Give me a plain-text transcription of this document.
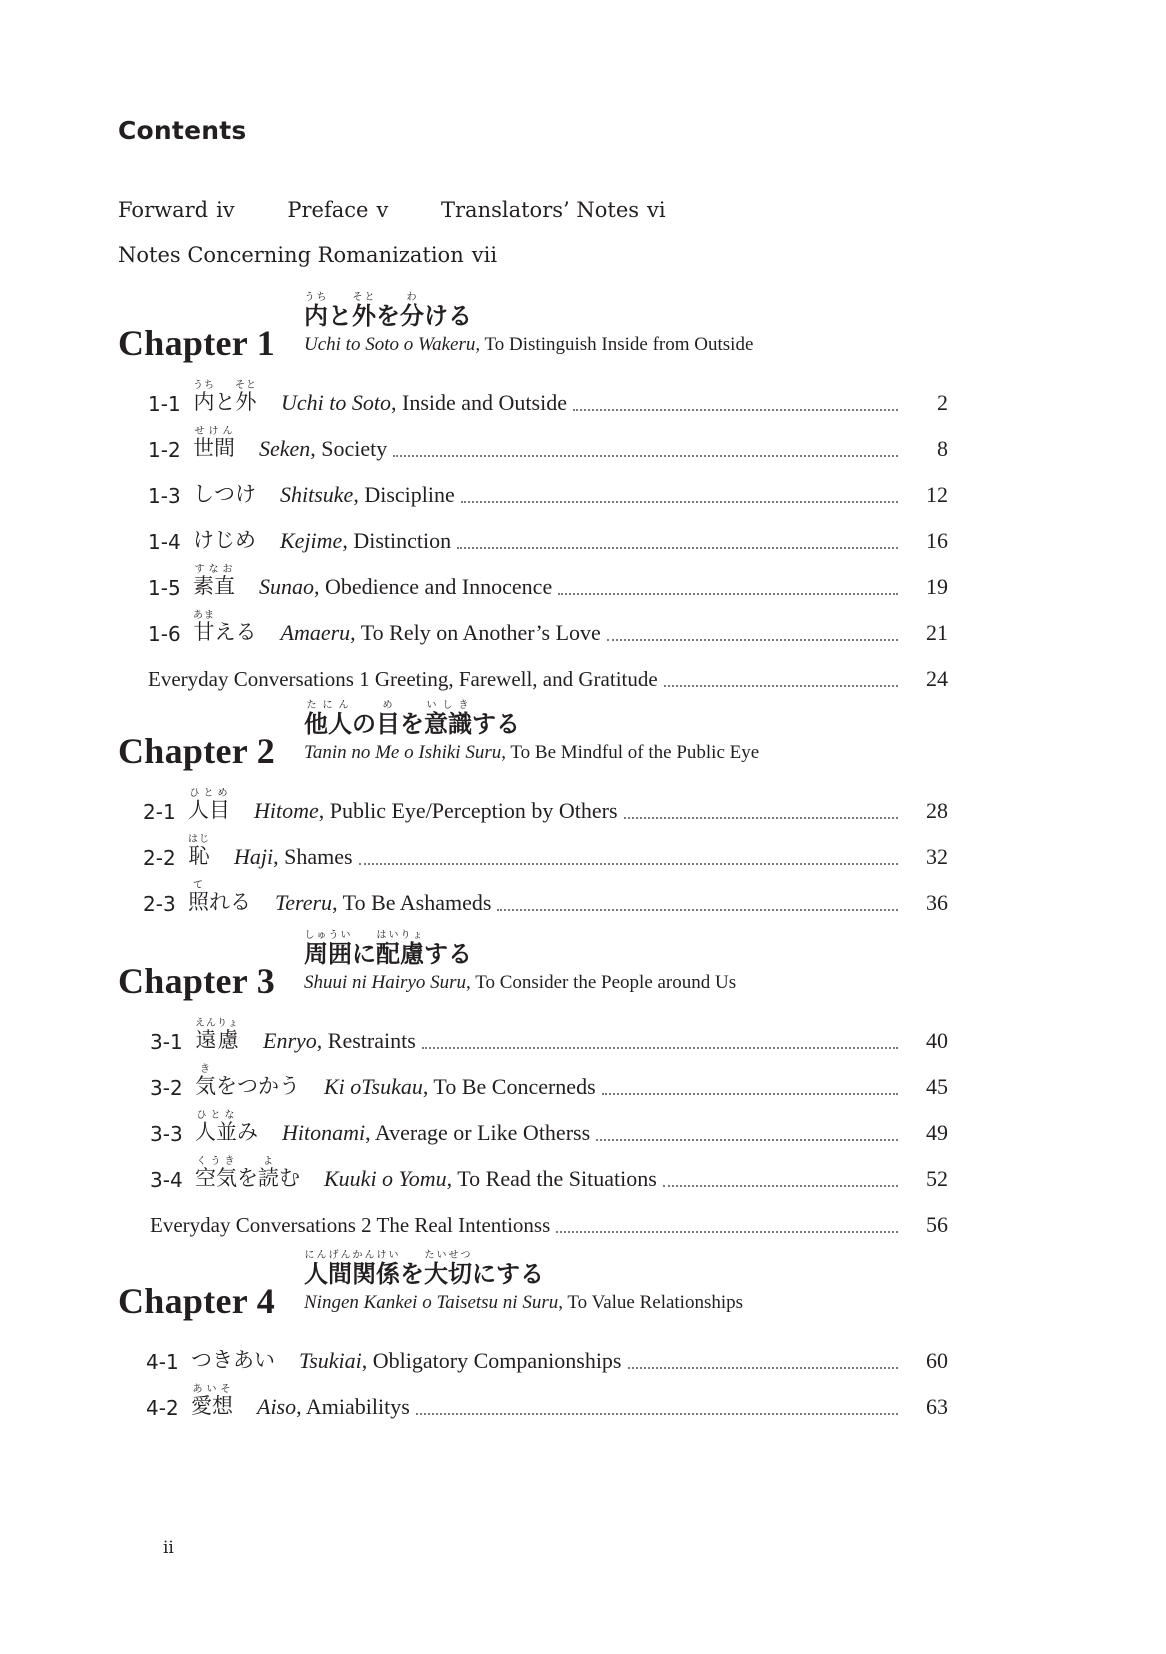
Contents
Forward iv	Preface v	Translators’ Notes vi
Notes Concerning Romanization vii
Chapter 1
内うちと外そとを分わける
Uchi to Soto o Wakeru, To Distinguish Inside from Outside
1-1 内うちと外そと
Uchi to Soto, Inside and Outside	2
1-2 世間せけん
Seken, Society	8
1-3 しつけ Shitsuke, Discipline	12
1-4 けじめ Kejime, Distinction	16
1-5 素直すなお
Sunao, Obedience and Innocence	19
1-6 甘あまえる Amaeru, To Rely on Another’s Love	21
Everyday Conversations 1 Greeting, Farewell, and Gratitude	24
Chapter 2
他人たにんの目めを意識いしきする
Tanin no Me o Ishiki Suru, To Be Mindful of the Public Eye
2-1 人目ひとめ
Hitome, Public Eye/Perception by Others	28
2-2 恥はじ
Haji, Shames	32
2-3 照てれる Tereru, To Be Ashameds	36
Chapter 3
周囲しゅういに配慮はいりょする
Shuui ni Hairyo Suru, To Consider the People around Us
3-1 遠慮えんりょ
Enryo, Restraints	40
3-2 気きをつかう Ki oTsukau, To Be Concerneds	45
3-3 人並ひとなみ Hitonami, Average or Like Otherss	49
3-4 空気くうきを読よむ Kuuki o Yomu, To Read the Situations	52
Everyday Conversations 2 The Real Intentionss	56
Chapter 4
人間関係にんげんかんけいを大切たいせつにする
Ningen Kankei o Taisetsu ni Suru, To Value Relationships
4-1 つきあい Tsukiai, Obligatory Companionships	60
4-2 愛想あいそ
Aiso, Amiabilitys	63
ii
